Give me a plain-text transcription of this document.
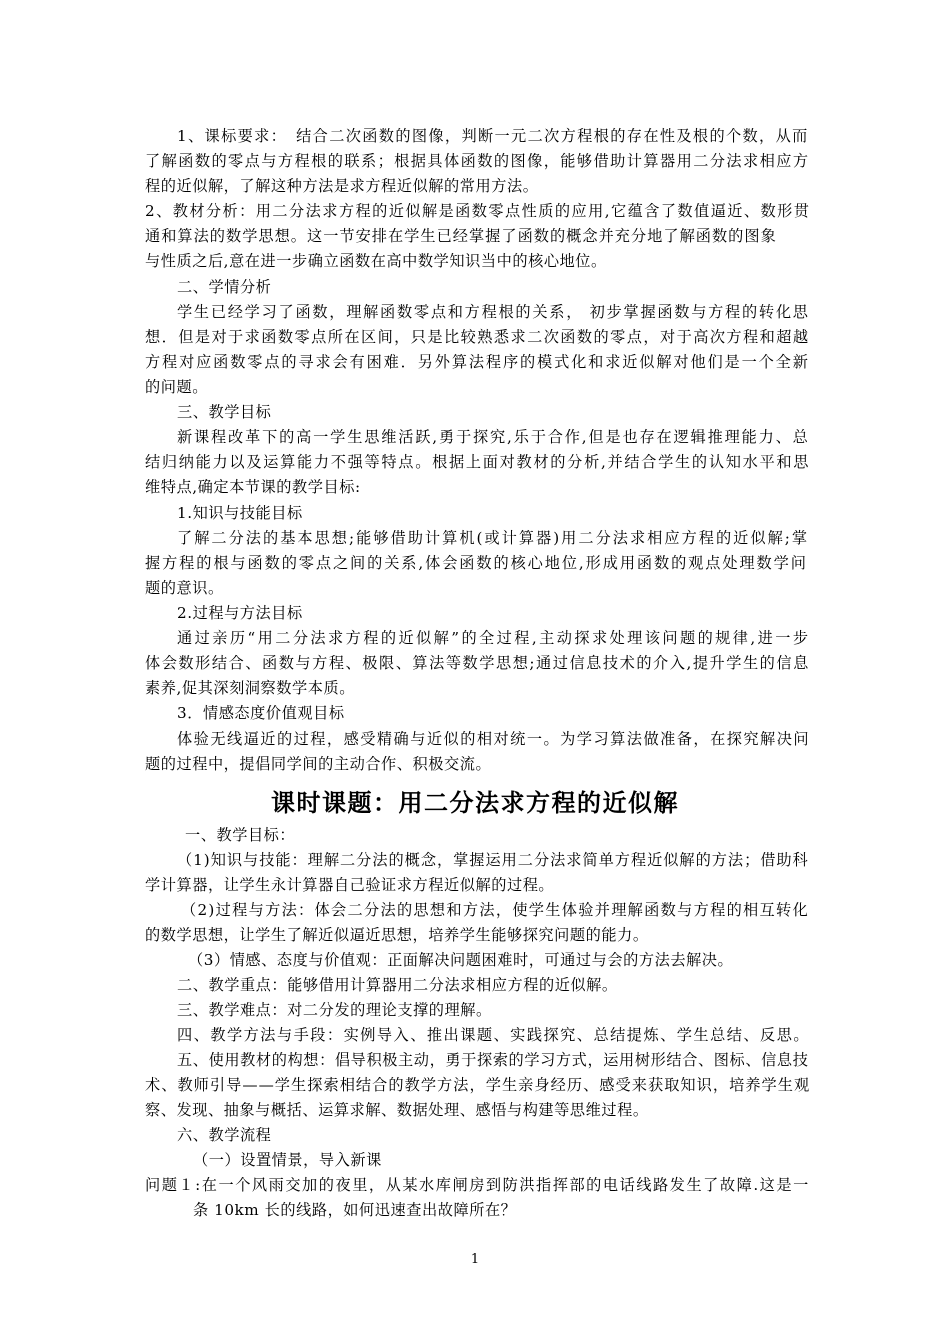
1、课标要求：　结合二次函数的图像，判断一元二次方程根的存在性及根的个数，从而
了解函数的零点与方程根的联系；根据具体函数的图像，能够借助计算器用二分法求相应方
程的近似解，了解这种方法是求方程近似解的常用方法。
2、教材分析：用二分法求方程的近似解是函数零点性质的应用,它蕴含了数值逼近、数形贯
通和算法的数学思想。这一节安排在学生已经掌握了函数的概念并充分地了解函数的图象
与性质之后,意在进一步确立函数在高中数学知识当中的核心地位。
二、学情分析
学生已经学习了函数，理解函数零点和方程根的关系， 初步掌握函数与方程的转化思
想．但是对于求函数零点所在区间，只是比较熟悉求二次函数的零点，对于高次方程和超越
方程对应函数零点的寻求会有困难．另外算法程序的模式化和求近似解对他们是一个全新
的问题。
三、教学目标
新课程改革下的高一学生思维活跃,勇于探究,乐于合作,但是也存在逻辑推理能力、总
结归纳能力以及运算能力不强等特点。根据上面对教材的分析,并结合学生的认知水平和思
维特点,确定本节课的教学目标:
1.知识与技能目标
了解二分法的基本思想;能够借助计算机(或计算器)用二分法求相应方程的近似解;掌
握方程的根与函数的零点之间的关系,体会函数的核心地位,形成用函数的观点处理数学问
题的意识。
2.过程与方法目标
通过亲历“用二分法求方程的近似解”的全过程,主动探求处理该问题的规律,进一步
体会数形结合、函数与方程、极限、算法等数学思想;通过信息技术的介入,提升学生的信息
素养,促其深刻洞察数学本质。
3．情感态度价值观目标
体验无线逼近的过程，感受精确与近似的相对统一。为学习算法做准备，在探究解决问
题的过程中，提倡同学间的主动合作、积极交流。
一、教学目标：
（1)知识与技能：理解二分法的概念，掌握运用二分法求简单方程近似解的方法；借助科
学计算器，让学生永计算器自己验证求方程近似解的过程。
（2)过程与方法：体会二分法的思想和方法，使学生体验并理解函数与方程的相互转化
的数学思想，让学生了解近似逼近思想，培养学生能够探究问题的能力。
（3）情感、态度与价值观：正面解决问题困难时，可通过与会的方法去解决。
二、教学重点：能够借用计算器用二分法求相应方程的近似解。
三、教学难点：对二分发的理论支撑的理解。
四、教学方法与手段：实例导入、推出课题、实践探究、总结提炼、学生总结、反思。
五、使用教材的构想：倡导积极主动，勇于探索的学习方式，运用树形结合、图标、信息技
术、教师引导——学生探索相结合的教学方法，学生亲身经历、感受来获取知识，培养学生观
察、发现、抽象与概括、运算求解、数据处理、感悟与构建等思维过程。
六、教学流程
（一）设置情景，导入新课
问题１:在一个风雨交加的夜里，从某水库闸房到防洪指挥部的电话线路发生了故障.这是一
条 10km 长的线路，如何迅速查出故障所在？
课时课题：用二分法求方程的近似解
1
